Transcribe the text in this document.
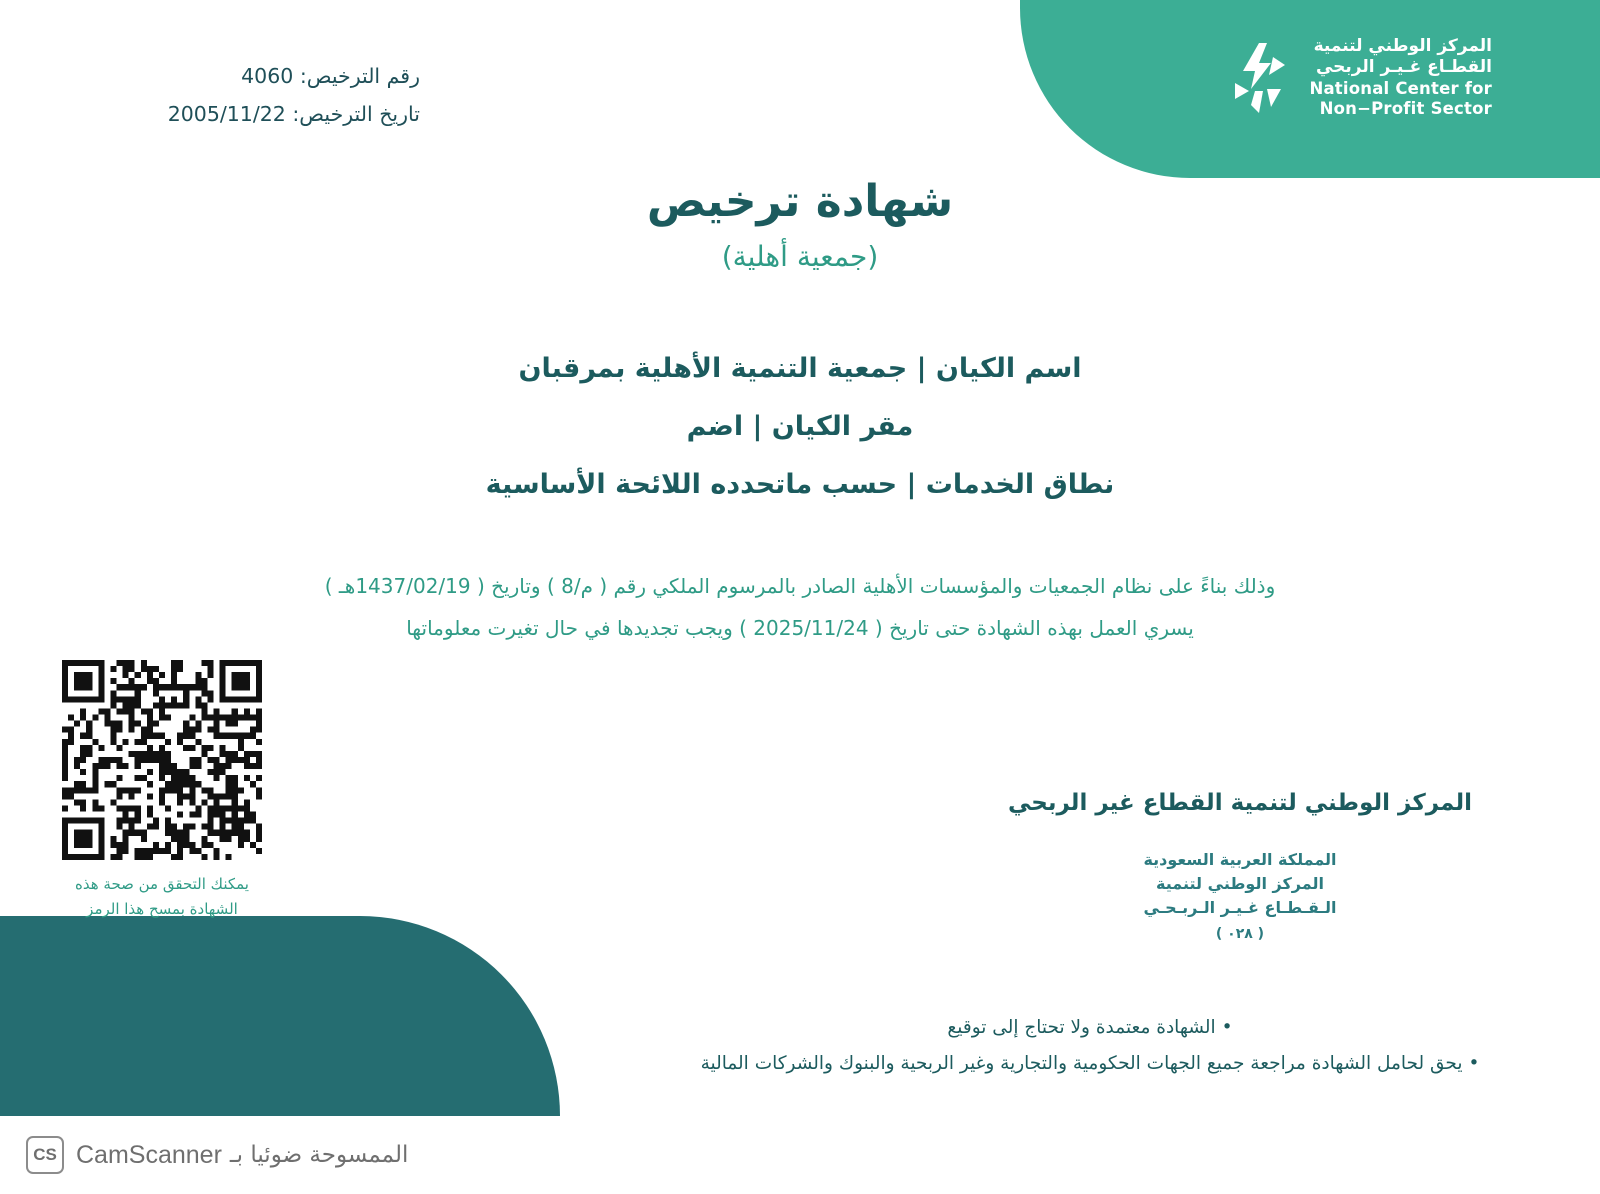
المركز الوطني لتنمية
القطـاع غـيـر الربحي
National Center for
Non−Profit Sector
رقم الترخيص: 4060
تاريخ الترخيص: 2005/11/22
شهادة ترخيص
(جمعية أهلية)
اسم الكيان | جمعية التنمية الأهلية بمرقبان
مقر الكيان | اضم
نطاق الخدمات | حسب ماتحدده اللائحة الأساسية
وذلك بناءً على نظام الجمعيات والمؤسسات الأهلية الصادر بالمرسوم الملكي رقم ( م/8 ) وتاريخ ( 1437/02/19هـ )
يسري العمل بهذه الشهادة حتى تاريخ ( 2025/11/24 ) ويجب تجديدها في حال تغيرت معلوماتها
يمكنك التحقق من صحة هذه الشهادة بمسح هذا الرمز
المركز الوطني لتنمية القطاع غير الربحي
المملكة العربية السعودية
المركز الوطني لتنمية
الـقـطـاع غـيـر الـربـحـي
( ٠٢٨ )
•الشهادة معتمدة ولا تحتاج إلى توقيع
•يحق لحامل الشهادة مراجعة جميع الجهات الحكومية والتجارية وغير الربحية والبنوك والشركات المالية
CS CamScanner الممسوحة ضوئيا بـ
